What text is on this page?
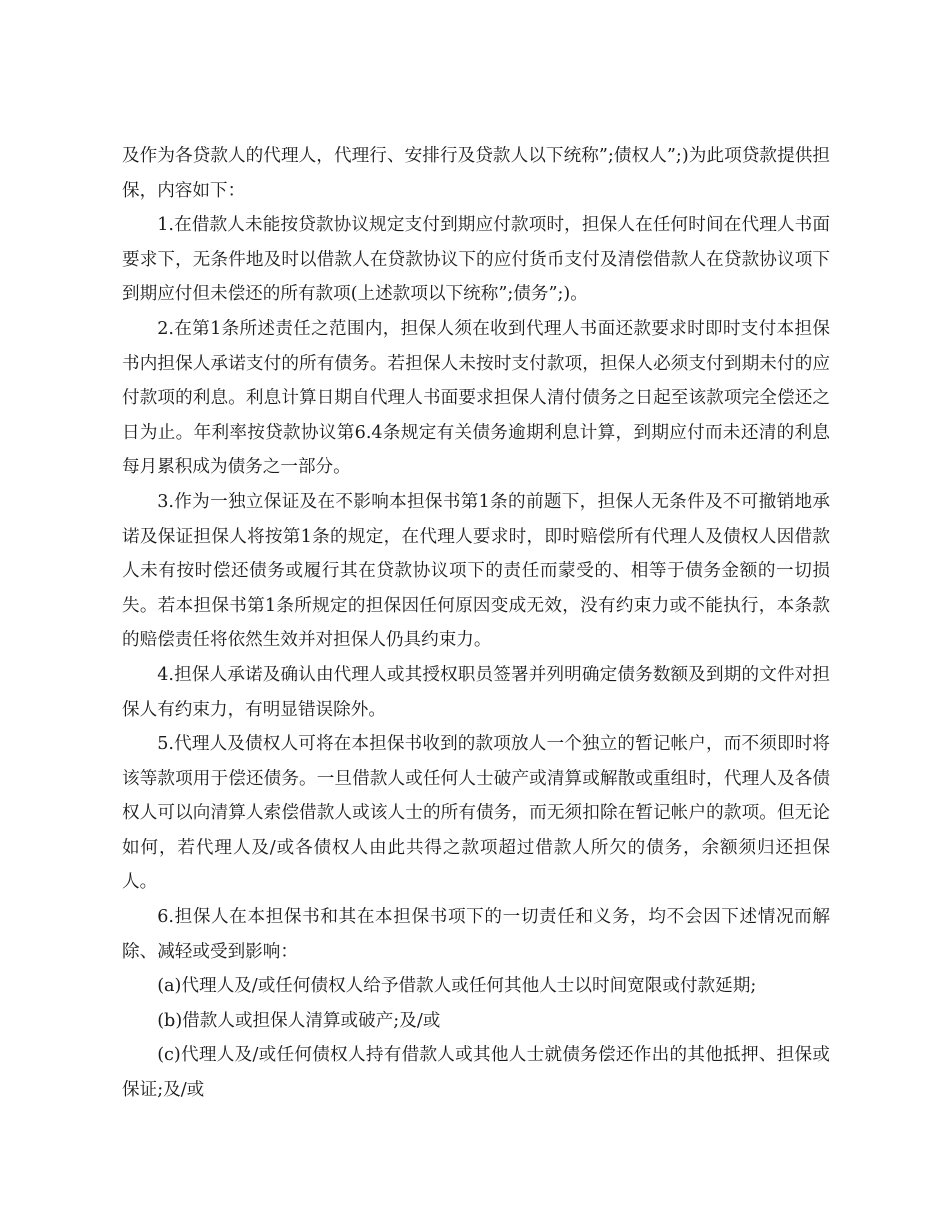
及作为各贷款人的代理人，代理行、安排行及贷款人以下统称”;债权人”;)为此项贷款提供担保，内容如下：

1.在借款人未能按贷款协议规定支付到期应付款项时，担保人在任何时间在代理人书面要求下，无条件地及时以借款人在贷款协议下的应付货币支付及清偿借款人在贷款协议项下到期应付但未偿还的所有款项(上述款项以下统称”;债务”;)。

2.在第1条所述责任之范围内，担保人须在收到代理人书面还款要求时即时支付本担保书内担保人承诺支付的所有债务。若担保人未按时支付款项，担保人必须支付到期未付的应付款项的利息。利息计算日期自代理人书面要求担保人清付债务之日起至该款项完全偿还之日为止。年利率按贷款协议第6.4条规定有关债务逾期利息计算，到期应付而未还清的利息每月累积成为债务之一部分。

3.作为一独立保证及在不影响本担保书第1条的前题下，担保人无条件及不可撤销地承诺及保证担保人将按第1条的规定，在代理人要求时，即时赔偿所有代理人及债权人因借款人未有按时偿还债务或履行其在贷款协议项下的责任而蒙受的、相等于债务金额的一切损失。若本担保书第1条所规定的担保因任何原因变成无效，没有约束力或不能执行，本条款的赔偿责任将依然生效并对担保人仍具约束力。

4.担保人承诺及确认由代理人或其授权职员签署并列明确定债务数额及到期的文件对担保人有约束力，有明显错误除外。

5.代理人及债权人可将在本担保书收到的款项放人一个独立的暂记帐户，而不须即时将该等款项用于偿还债务。一旦借款人或任何人士破产或清算或解散或重组时，代理人及各债权人可以向清算人索偿借款人或该人士的所有债务，而无须扣除在暂记帐户的款项。但无论如何，若代理人及/或各债权人由此共得之款项超过借款人所欠的债务，余额须归还担保人。

6.担保人在本担保书和其在本担保书项下的一切责任和义务，均不会因下述情况而解除、减轻或受到影响：

(a)代理人及/或任何债权人给予借款人或任何其他人士以时间宽限或付款延期;

(b)借款人或担保人清算或破产;及/或

(c)代理人及/或任何债权人持有借款人或其他人士就债务偿还作出的其他抵押、担保或保证;及/或
